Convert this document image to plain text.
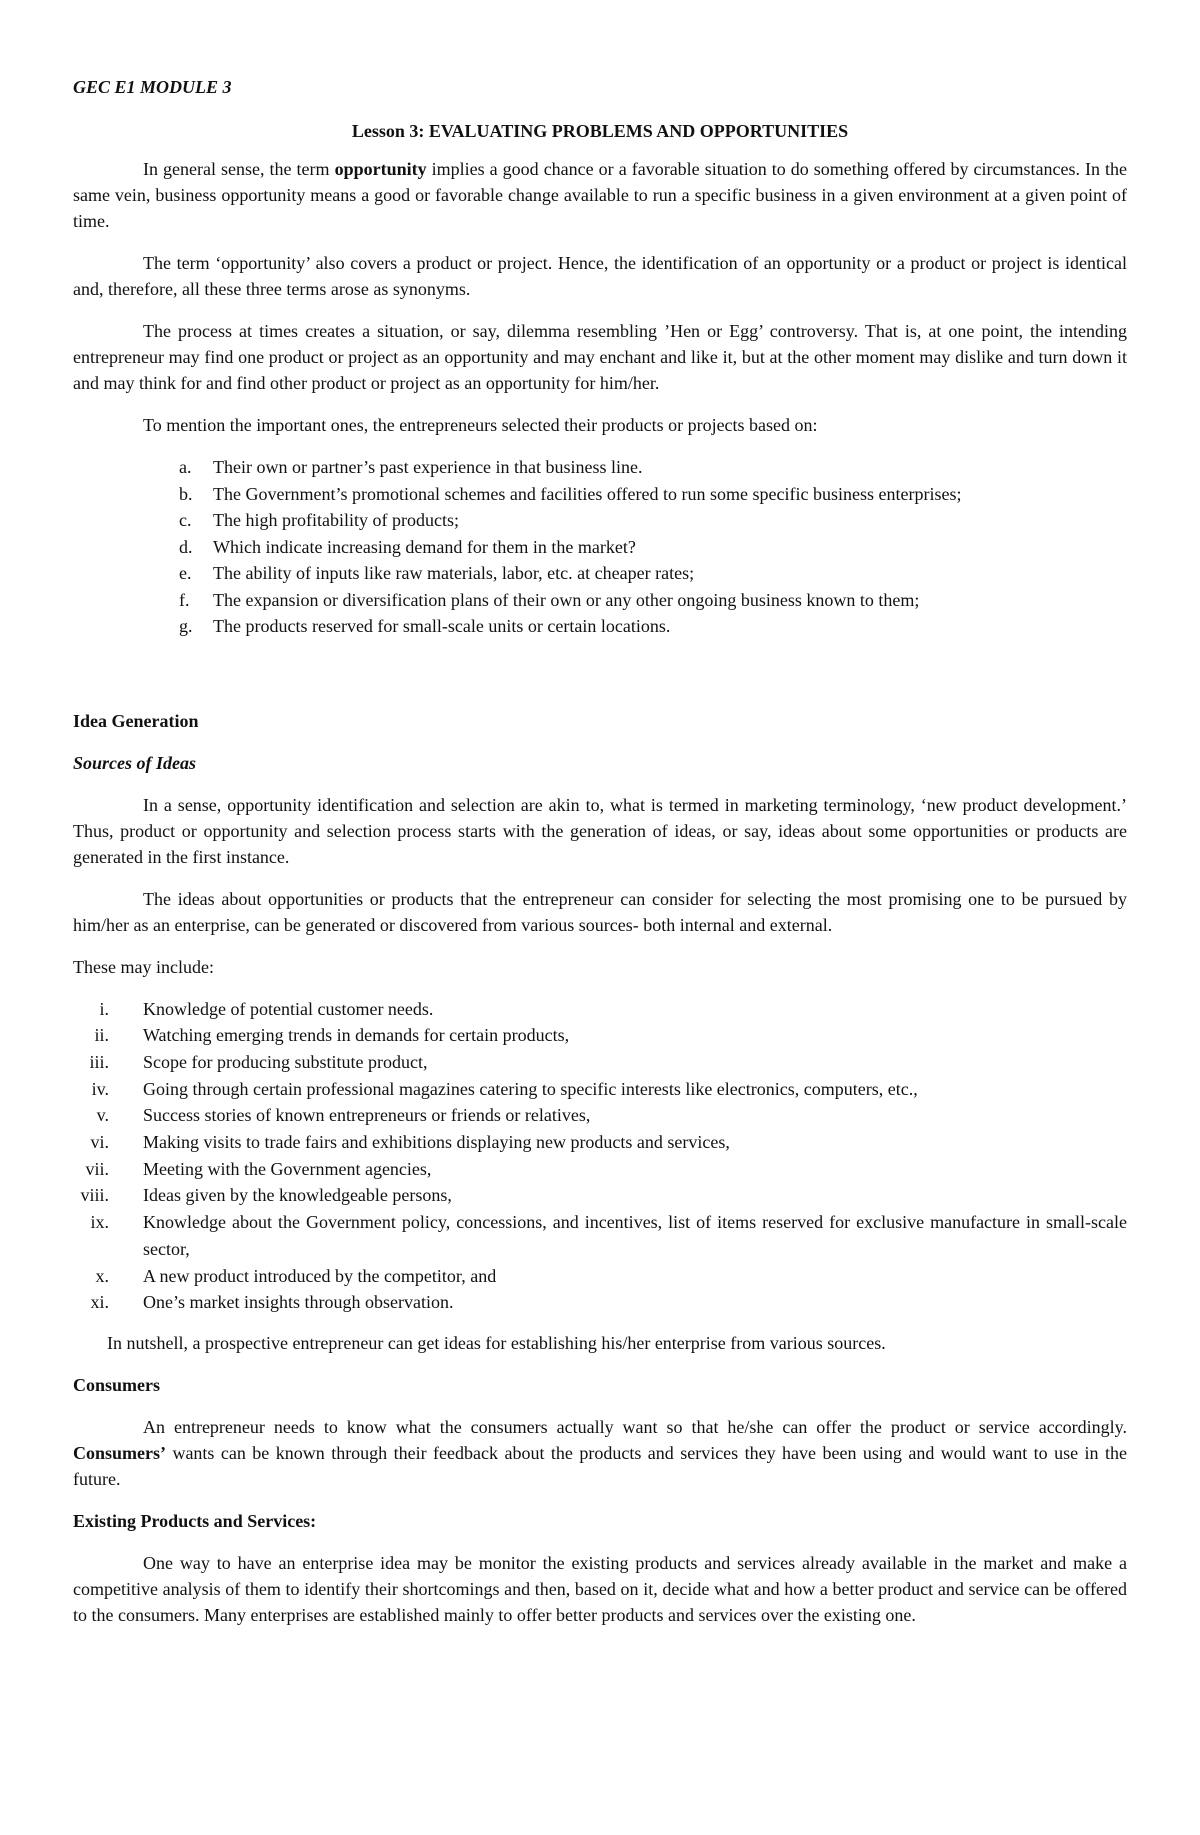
GEC E1 MODULE 3
Lesson 3: EVALUATING PROBLEMS AND OPPORTUNITIES

In general sense, the term opportunity implies a good chance or a favorable situation to do something offered by circumstances. In the same vein, business opportunity means a good or favorable change available to run a specific business in a given environment at a given point of time.

The term ‘opportunity’ also covers a product or project. Hence, the identification of an opportunity or a product or project is identical and, therefore, all these three terms arose as synonyms.

The process at times creates a situation, or say, dilemma resembling ’Hen or Egg’ controversy. That is, at one point, the intending entrepreneur may find one product or project as an opportunity and may enchant and like it, but at the other moment may dislike and turn down it and may think for and find other product or project as an opportunity for him/her.

To mention the important ones, the entrepreneurs selected their products or projects based on:

a. Their own or partner’s past experience in that business line.
b. The Government’s promotional schemes and facilities offered to run some specific business enterprises;
c. The high profitability of products;
d. Which indicate increasing demand for them in the market?
e. The ability of inputs like raw materials, labor, etc. at cheaper rates;
f. The expansion or diversification plans of their own or any other ongoing business known to them;
g. The products reserved for small-scale units or certain locations.
Idea Generation
Sources of Ideas

In a sense, opportunity identification and selection are akin to, what is termed in marketing terminology, ‘new product development.’ Thus, product or opportunity and selection process starts with the generation of ideas, or say, ideas about some opportunities or products are generated in the first instance.

The ideas about opportunities or products that the entrepreneur can consider for selecting the most promising one to be pursued by him/her as an enterprise, can be generated or discovered from various sources- both internal and external.

These may include:

i. Knowledge of potential customer needs.
ii. Watching emerging trends in demands for certain products,
iii. Scope for producing substitute product,
iv. Going through certain professional magazines catering to specific interests like electronics, computers, etc.,
v. Success stories of known entrepreneurs or friends or relatives,
vi. Making visits to trade fairs and exhibitions displaying new products and services,
vii. Meeting with the Government agencies,
viii. Ideas given by the knowledgeable persons,
ix. Knowledge about the Government policy, concessions, and incentives, list of items reserved for exclusive manufacture in small-scale sector,
x. A new product introduced by the competitor, and
xi. One’s market insights through observation.

In nutshell, a prospective entrepreneur can get ideas for establishing his/her enterprise from various sources.

Consumers

An entrepreneur needs to know what the consumers actually want so that he/she can offer the product or service accordingly. Consumers’ wants can be known through their feedback about the products and services they have been using and would want to use in the future.

Existing Products and Services:

One way to have an enterprise idea may be monitor the existing products and services already available in the market and make a competitive analysis of them to identify their shortcomings and then, based on it, decide what and how a better product and service can be offered to the consumers. Many enterprises are established mainly to offer better products and services over the existing one.
